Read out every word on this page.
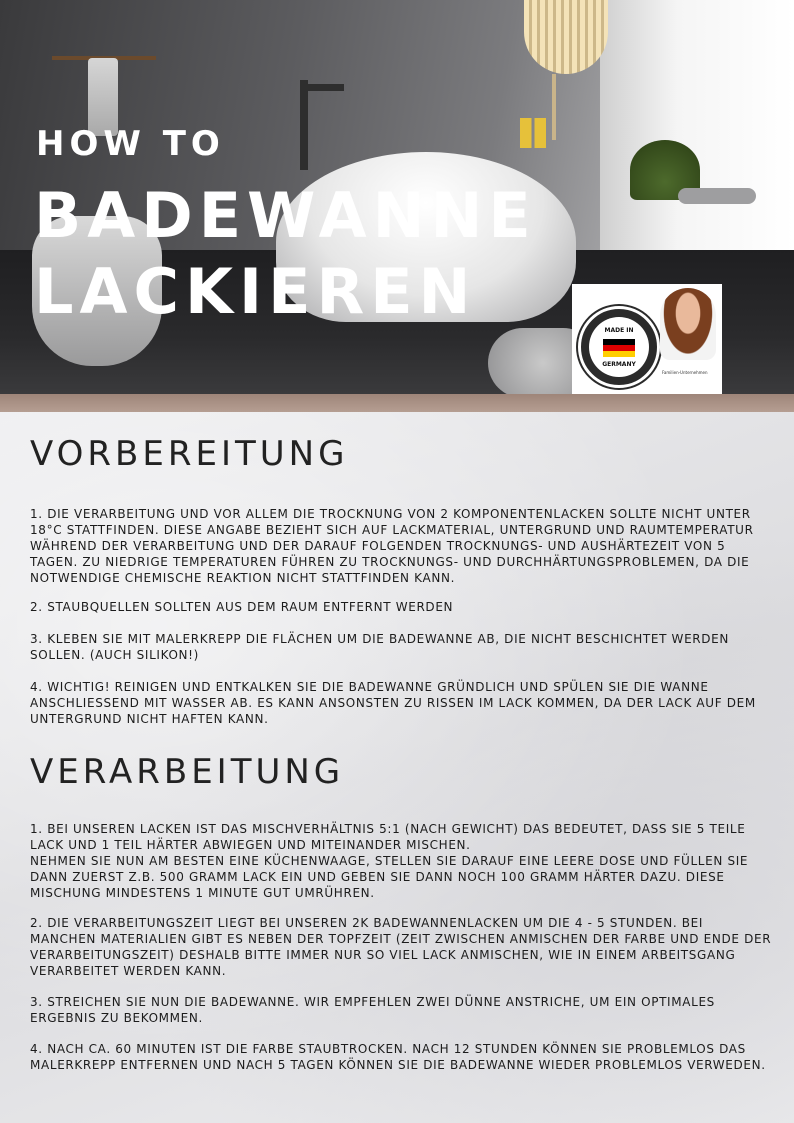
HOW TO
BADEWANNE
LACKIEREN
MADE IN
GERMANY
Familien-Unternehmen
VORBEREITUNG

1. DIE VERARBEITUNG UND VOR ALLEM DIE TROCKNUNG VON 2 KOMPONENTENLACKEN SOLLTE NICHT UNTER 18°C STATTFINDEN. DIESE ANGABE BEZIEHT SICH AUF LACKMATERIAL, UNTERGRUND UND RAUMTEMPERATUR WÄHREND DER VERARBEITUNG UND DER DARAUF FOLGENDEN TROCKNUNGS- UND AUSHÄRTEZEIT VON 5 TAGEN. ZU NIEDRIGE TEMPERATUREN FÜHREN ZU TROCKNUNGS- UND DURCHHÄRTUNGSPROBLEMEN, DA DIE NOTWENDIGE CHEMISCHE REAKTION NICHT STATTFINDEN KANN.

2. STAUBQUELLEN SOLLTEN AUS DEM RAUM ENTFERNT WERDEN

3. KLEBEN SIE MIT MALERKREPP DIE FLÄCHEN UM DIE BADEWANNE AB, DIE NICHT BESCHICHTET WERDEN SOLLEN. (AUCH SILIKON!)

4. WICHTIG! REINIGEN UND ENTKALKEN SIE DIE BADEWANNE GRÜNDLICH UND SPÜLEN SIE DIE WANNE ANSCHLIESSEND MIT WASSER AB. ES KANN ANSONSTEN ZU RISSEN IM LACK KOMMEN, DA DER LACK AUF DEM UNTERGRUND NICHT HAFTEN KANN.

VERARBEITUNG

1. BEI UNSEREN LACKEN IST DAS MISCHVERHÄLTNIS 5:1 (NACH GEWICHT) DAS BEDEUTET, DASS SIE 5 TEILE LACK UND 1 TEIL HÄRTER ABWIEGEN UND MITEINANDER MISCHEN.
NEHMEN SIE NUN AM BESTEN EINE KÜCHENWAAGE, STELLEN SIE DARAUF EINE LEERE DOSE UND FÜLLEN SIE DANN ZUERST Z.B. 500 GRAMM LACK EIN UND GEBEN SIE DANN NOCH 100 GRAMM HÄRTER DAZU. DIESE MISCHUNG MINDESTENS 1 MINUTE GUT UMRÜHREN.

2. DIE VERARBEITUNGSZEIT LIEGT BEI UNSEREN 2K BADEWANNENLACKEN UM DIE 4 - 5 STUNDEN. BEI MANCHEN MATERIALIEN GIBT ES NEBEN DER TOPFZEIT (ZEIT ZWISCHEN ANMISCHEN DER FARBE UND ENDE DER VERARBEITUNGSZEIT) DESHALB BITTE IMMER NUR SO VIEL LACK ANMISCHEN, WIE IN EINEM ARBEITSGANG VERARBEITET WERDEN KANN.

3. STREICHEN SIE NUN DIE BADEWANNE. WIR EMPFEHLEN ZWEI DÜNNE ANSTRICHE, UM EIN OPTIMALES ERGEBNIS ZU BEKOMMEN.

4. NACH CA. 60 MINUTEN IST DIE FARBE STAUBTROCKEN. NACH 12 STUNDEN KÖNNEN SIE PROBLEMLOS DAS MALERKREPP ENTFERNEN UND NACH 5 TAGEN KÖNNEN SIE DIE BADEWANNE WIEDER PROBLEMLOS VERWEDEN.
